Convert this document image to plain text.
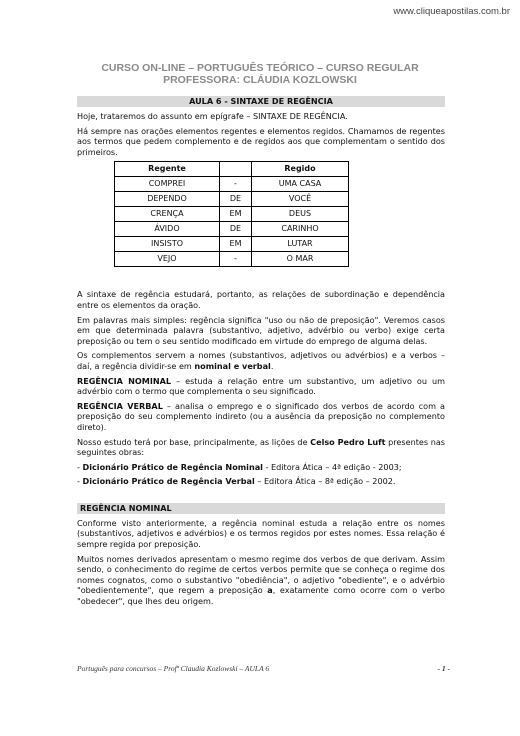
www.cliqueapostilas.com.br
CURSO ON-LINE – PORTUGUÊS TEÓRICO – CURSO REGULAR
PROFESSORA: CLÁUDIA KOZLOWSKI
AULA 6 - SINTAXE DE REGÊNCIA

Hoje, trataremos do assunto em epígrafe – SINTAXE DE REGÊNCIA.

Há sempre nas orações elementos regentes e elementos regidos. Chamamos de regentes aos termos que pedem complemento e de regidos aos que complementam o sentido dos primeiros.

Regente		Regido
COMPREI	-	UMA CASA
DEPENDO	DE	VOCÊ
CRENÇA	EM	DEUS
ÁVIDO	DE	CARINHO
INSISTO	EM	LUTAR
VEJO	-	O MAR

A sintaxe de regência estudará, portanto, as relações de subordinação e dependência entre os elementos da oração.

Em palavras mais simples: regência significa "uso ou não de preposição". Veremos casos em que determinada palavra (substantivo, adjetivo, advérbio ou verbo) exige certa preposição ou tem o seu sentido modificado em virtude do emprego de alguma delas.

Os complementos servem a nomes (substantivos, adjetivos ou advérbios) e a verbos – daí, a regência dividir-se em nominal e verbal.

REGÊNCIA NOMINAL – estuda a relação entre um substantivo, um adjetivo ou um advérbio com o termo que complementa o seu significado.

REGÊNCIA VERBAL – analisa o emprego e o significado dos verbos de acordo com a preposição do seu complemento indireto (ou a ausência da preposição no complemento direto).

Nosso estudo terá por base, principalmente, as lições de Celso Pedro Luft presentes nas seguintes obras:

- Dicionário Prático de Regência Nominal - Editora Ática – 4ª edição - 2003;

- Dicionário Prático de Regência Verbal – Editora Ática – 8ª edição – 2002.

REGÊNCIA NOMINAL

Conforme visto anteriormente, a regência nominal estuda a relação entre os nomes (substantivos, adjetivos e advérbios) e os termos regidos por estes nomes. Essa relação é sempre regida por preposição.

Muitos nomes derivados apresentam o mesmo regime dos verbos de que derivam. Assim sendo, o conhecimento do regime de certos verbos permite que se conheça o regime dos nomes cognatos, como o substantivo "obediência", o adjetivo "obediente", e o advérbio "obedientemente", que regem a preposição a, exatamente como ocorre com o verbo "obedecer", que lhes deu origem.

Português para concursos – Profª Claudia Kozlowski – AULA 6	- 1 -
